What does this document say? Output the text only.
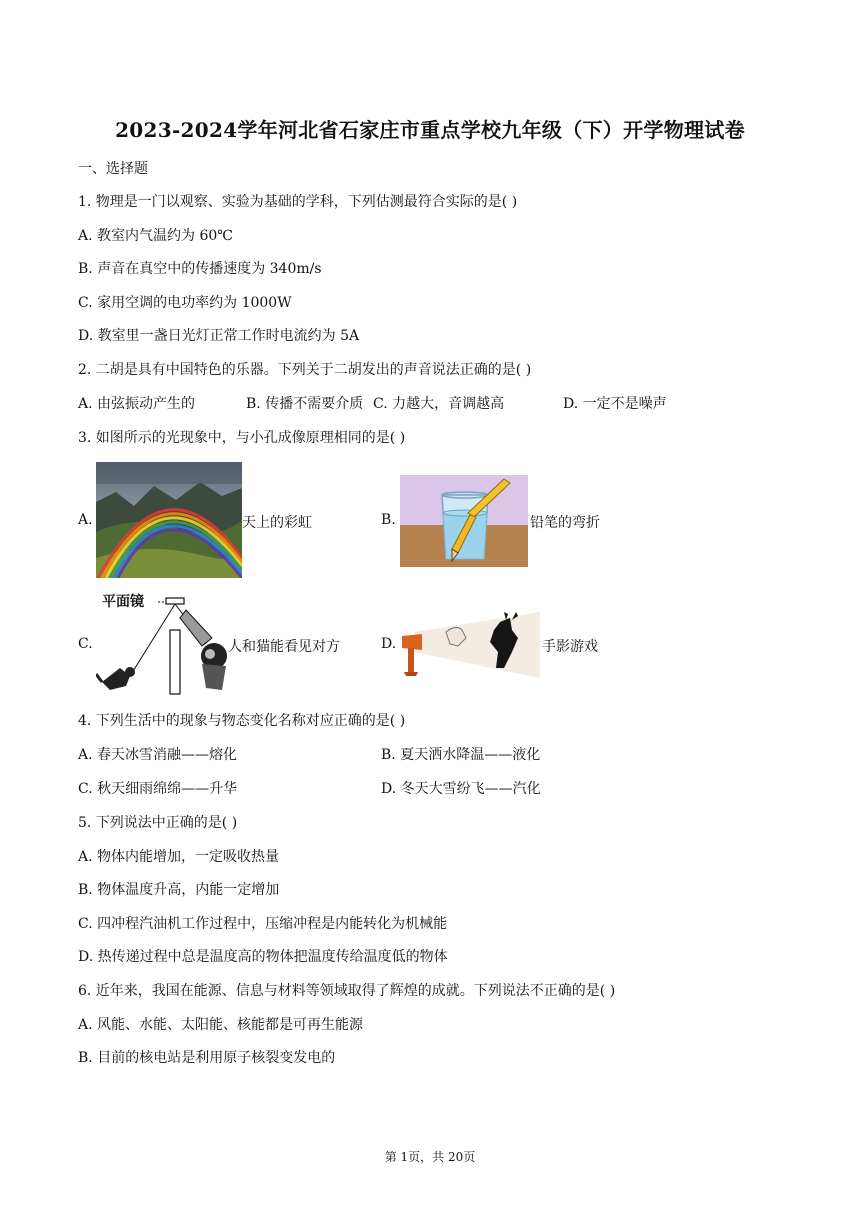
2023-2024学年河北省石家庄市重点学校九年级（下）开学物理试卷
一、选择题
1. 物理是一门以观察、实验为基础的学科，下列估测最符合实际的是( )
A. 教室内气温约为 60℃
B. 声音在真空中的传播速度为 340m/s
C. 家用空调的电功率约为 1000W
D. 教室里一盏日光灯正常工作时电流约为 5A
2. 二胡是具有中国特色的乐器。下列关于二胡发出的声音说法正确的是( )
A. 由弦振动产生的	B. 传播不需要介质 C. 力越大，音调越高	D. 一定不是噪声
3. 如图所示的光现象中，与小孔成像原理相同的是( )
A.	天上的彩虹	B.	铅笔的弯折
C.
平面镜
人和猫能看见对方	D.	手影游戏
4. 下列生活中的现象与物态变化名称对应正确的是( )
A. 春天冰雪消融——熔化	B. 夏天洒水降温——液化
C. 秋天细雨绵绵——升华	D. 冬天大雪纷飞——汽化
5. 下列说法中正确的是( )
A. 物体内能增加，一定吸收热量
B. 物体温度升高，内能一定增加
C. 四冲程汽油机工作过程中，压缩冲程是内能转化为机械能
D. 热传递过程中总是温度高的物体把温度传给温度低的物体
6. 近年来，我国在能源、信息与材料等领域取得了辉煌的成就。下列说法不正确的是( )
A. 风能、水能、太阳能、核能都是可再生能源
B. 目前的核电站是利用原子核裂变发电的
第 1页，共 20页
